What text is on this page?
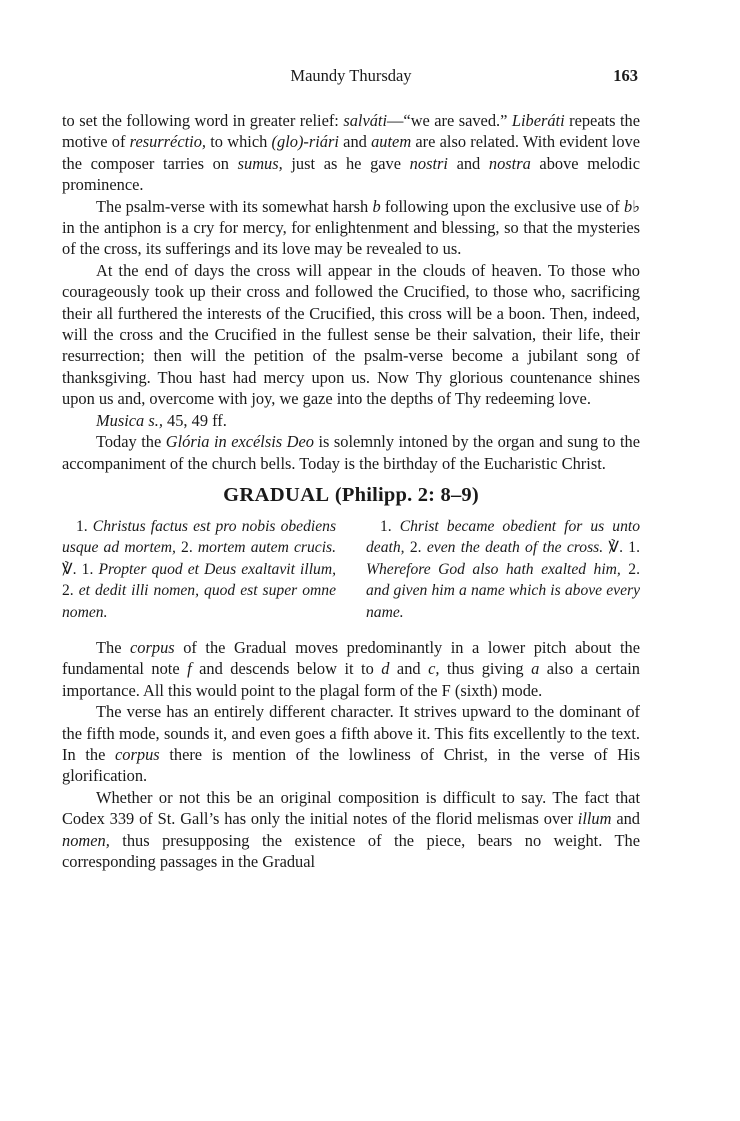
Maundy Thursday	163

to set the following word in greater relief: salváti—“we are saved.” Liberáti repeats the motive of resurréctio, to which (glo)-riári and autem are also related. With evident love the composer tarries on sumus, just as he gave nostri and nostra above melodic prominence.

The psalm-verse with its somewhat harsh b following upon the exclusive use of b♭ in the antiphon is a cry for mercy, for enlightenment and blessing, so that the mysteries of the cross, its sufferings and its love may be revealed to us.

At the end of days the cross will appear in the clouds of heaven. To those who courageously took up their cross and followed the Crucified, to those who, sacrificing their all furthered the interests of the Crucified, this cross will be a boon. Then, indeed, will the cross and the Crucified in the fullest sense be their salvation, their life, their resurrection; then will the petition of the psalm-verse become a jubilant song of thanksgiving. Thou hast had mercy upon us. Now Thy glorious countenance shines upon us and, overcome with joy, we gaze into the depths of Thy redeeming love.

Musica s., 45, 49 ff.

Today the Glória in excélsis Deo is solemnly intoned by the organ and sung to the accompaniment of the church bells. Today is the birthday of the Eucharistic Christ.

GRADUAL (Philipp. 2: 8–9)
1. Christus factus est pro nobis obediens usque ad mortem, 2. mortem autem crucis. ℣. 1. Propter quod et Deus exaltavit illum, 2. et dedit illi nomen, quod est super omne nomen.
1. Christ became obedient for us unto death, 2. even the death of the cross. ℣. 1. Wherefore God also hath exalted him, 2. and given him a name which is above every name.

The corpus of the Gradual moves predominantly in a lower pitch about the fundamental note f and descends below it to d and c, thus giving a also a certain importance. All this would point to the plagal form of the F (sixth) mode.

The verse has an entirely different character. It strives upward to the dominant of the fifth mode, sounds it, and even goes a fifth above it. This fits excellently to the text. In the corpus there is mention of the lowliness of Christ, in the verse of His glorification.

Whether or not this be an original composition is difficult to say. The fact that Codex 339 of St. Gall’s has only the initial notes of the florid melismas over illum and nomen, thus presupposing the existence of the piece, bears no weight. The corresponding passages in the Gradual
